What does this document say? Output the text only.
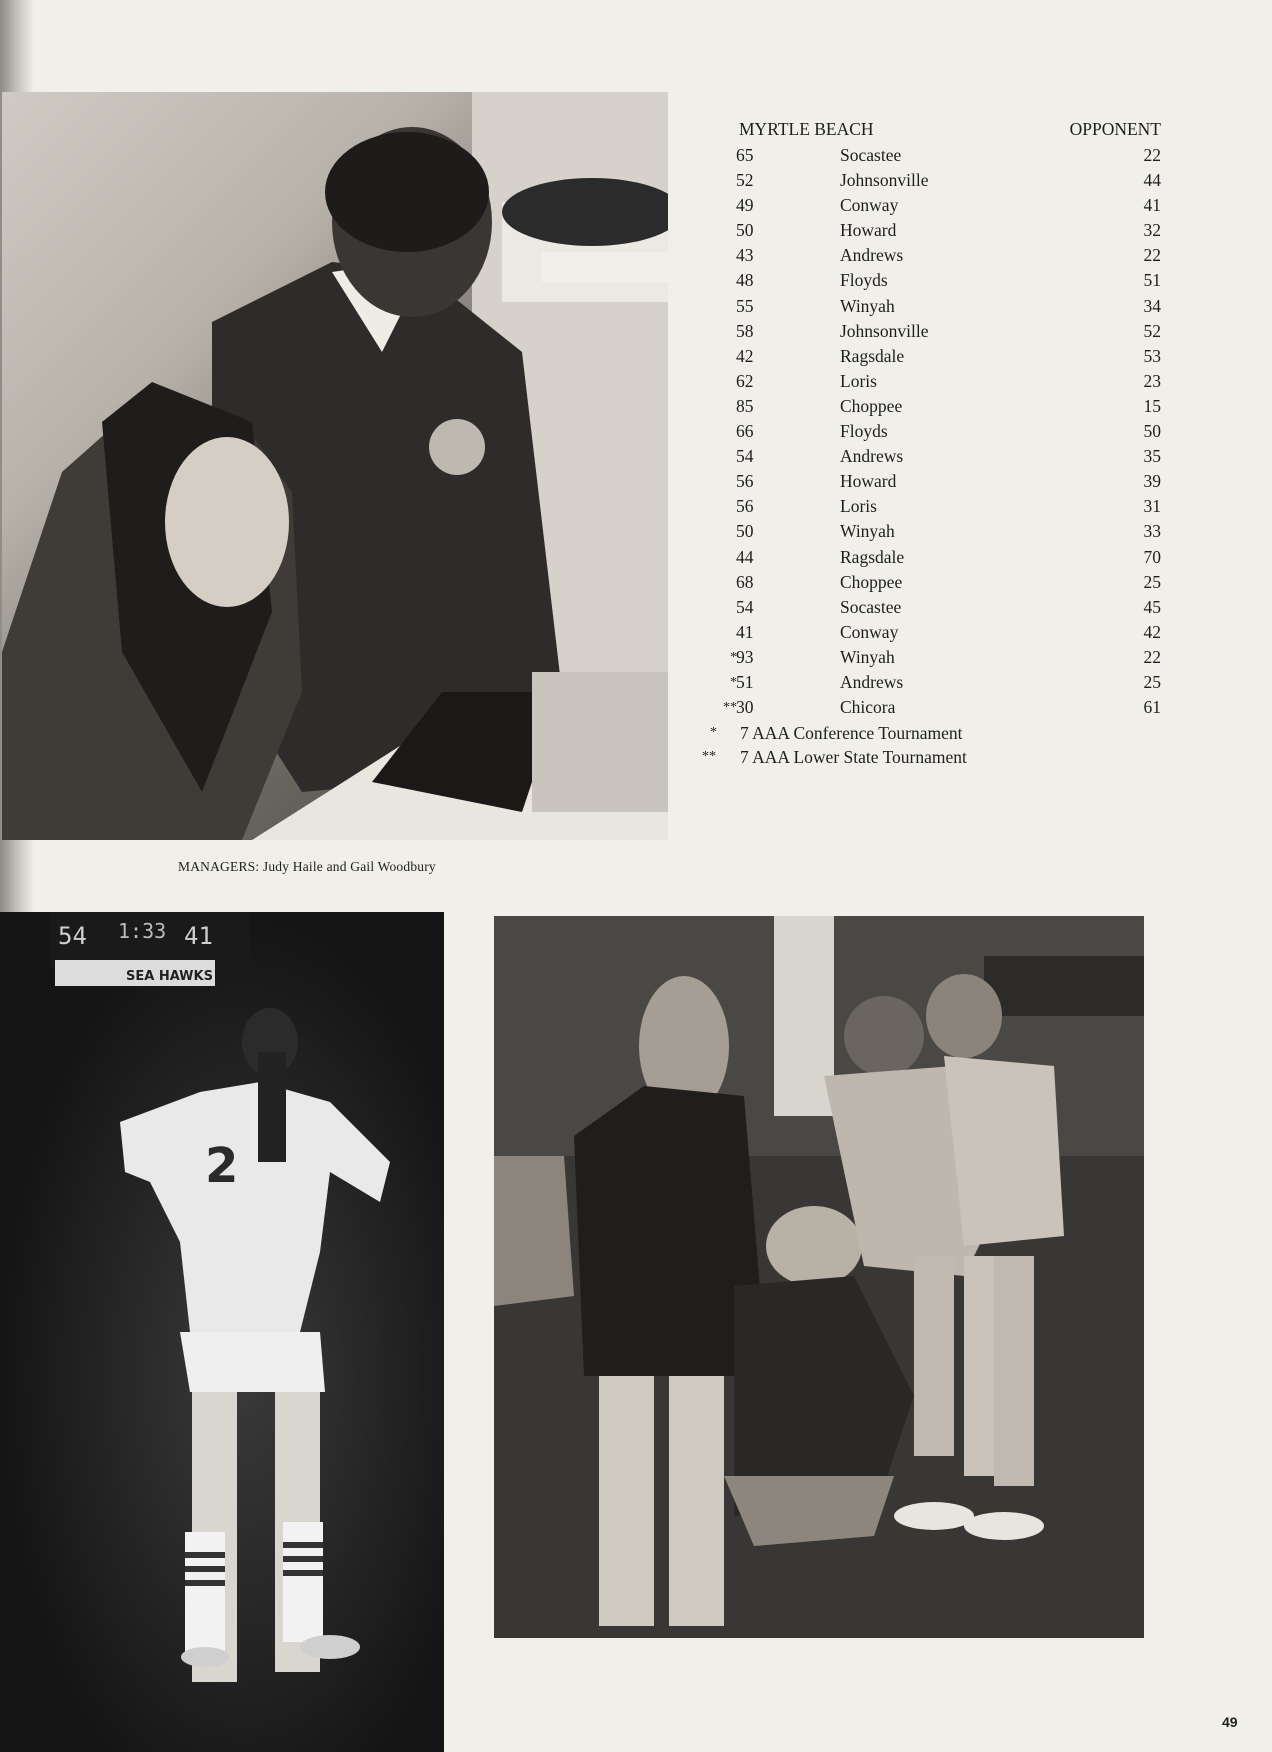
MANAGERS: Judy Haile and Gail Woodbury
MYRTLE BEACH	OPPONENT
65	Socastee	22
52	Johnsonville	44
49	Conway	41
50	Howard	32
43	Andrews	22
48	Floyds	51
55	Winyah	34
58	Johnsonville	52
42	Ragsdale	53
62	Loris	23
85	Choppee	15
66	Floyds	50
54	Andrews	35
56	Howard	39
56	Loris	31
50	Winyah	33
44	Ragsdale	70
68	Choppee	25
54	Socastee	45
41	Conway	42
* 93	Winyah	22
* 51	Andrews	25
** 30	Chicora	61
* 7 AAA Conference Tournament
** 7 AAA Lower State Tournament
54 1:33 41
SEA HAWKS
2
49
